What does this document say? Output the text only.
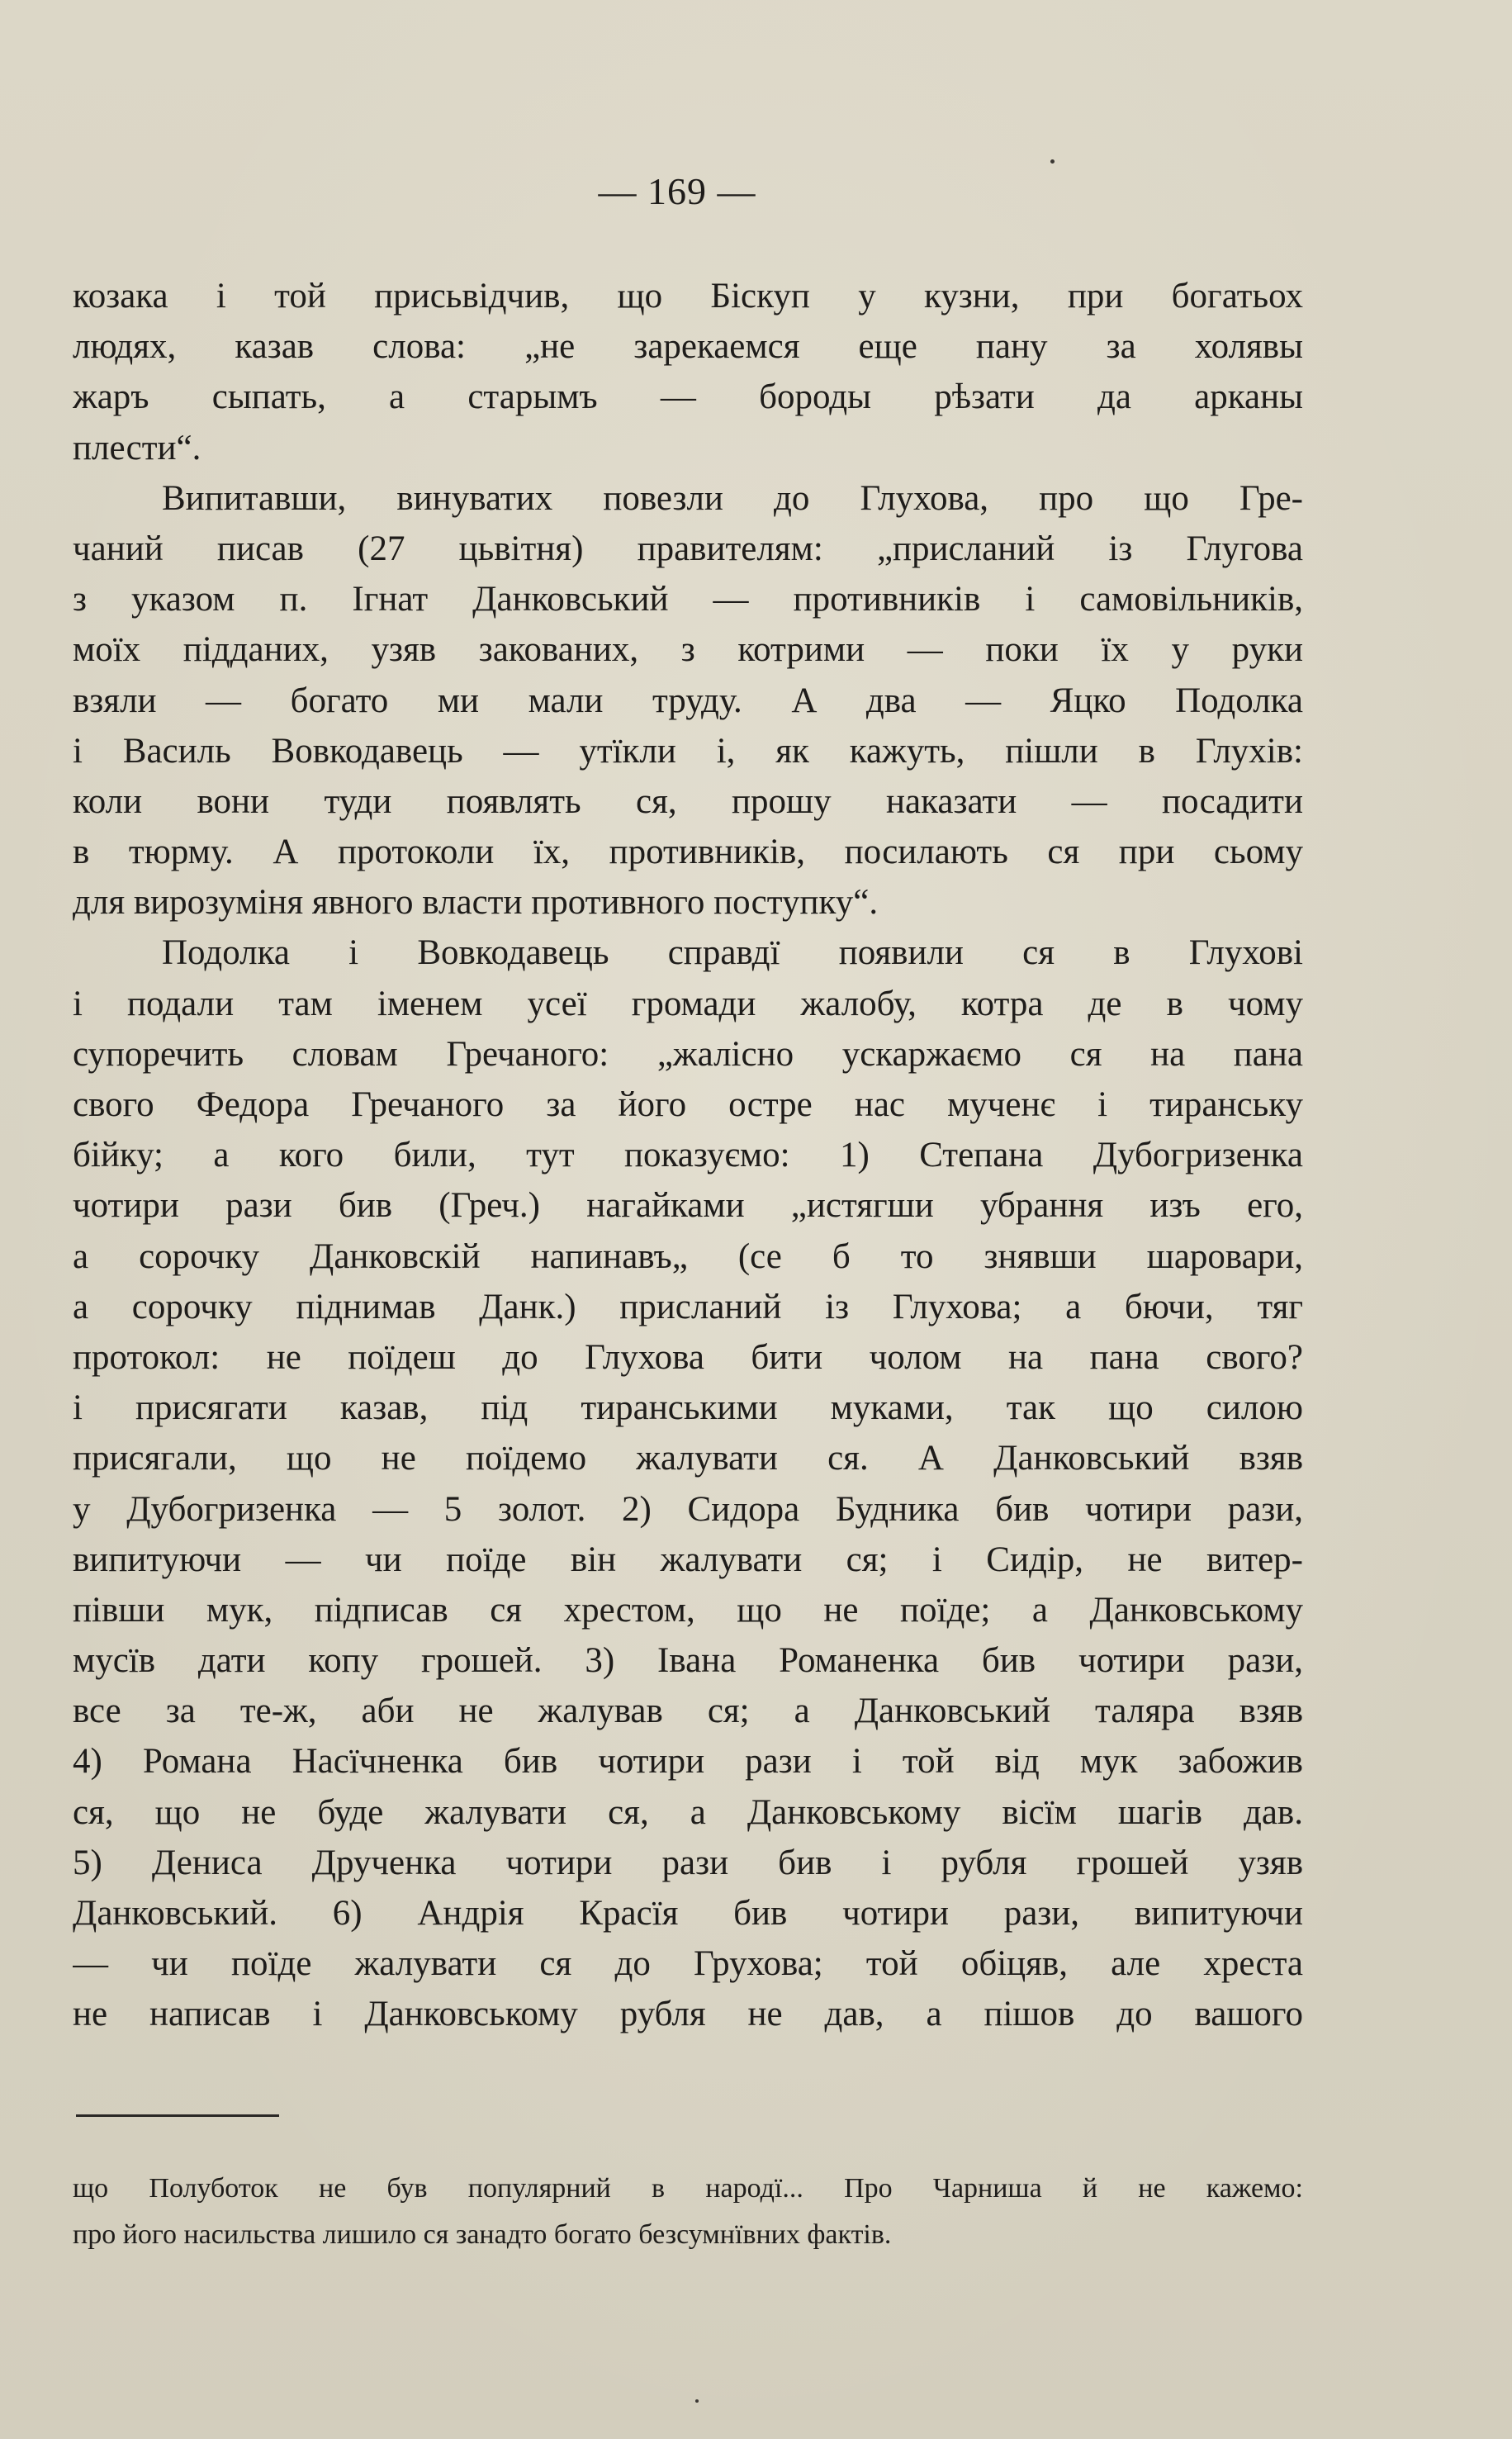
— 169 —
козака і той присьвідчив, що Біскуп у кузни, при богатьох
людях, казав слова: „не зарекаемся еще пану за холявы
жаръ сыпать, а старымъ — бороды рѣзати да арканы
плести“.
Випитавши, винуватих повезли до Глухова, про що Гре-
чаний писав (27 цьвітня) правителям: „присланий із Глугова
з указом п. Ігнат Данковський — противників і самовільників,
моїх підданих, узяв закованих, з котрими — поки їх у руки
взяли — богато ми мали труду. А два — Яцко Подолка
і Василь Вовкодавець — утїкли і, як кажуть, пішли в Глухів:
коли вони туди появлять ся, прошу наказати — посадити
в тюрму. А протоколи їх, противників, посилають ся при сьому
для вирозуміня явного власти противного поступку“.
Подолка і Вовкодавець справдї появили ся в Глухові
і подали там іменем усеї громади жалобу, котра де в чому
супоречить словам Гречаного: „жалісно ускаржаємо ся на пана
свого Федора Гречаного за його остре нас мученє і тиранську
бійку; а кого били, тут показуємо: 1) Степана Дубогризенка
чотири рази бив (Греч.) нагайками „истягши убрання изъ его,
а сорочку Данковскій напинавъ„ (се б то знявши шаровари,
а сорочку піднимав Данк.) присланий із Глухова; а бючи, тяг
протокол: не поїдеш до Глухова бити чолом на пана свого?
і присягати казав, під тиранськими муками, так що силою
присягали, що не поїдемо жалувати ся. А Данковський взяв
у Дубогризенка — 5 золот. 2) Сидора Будника бив чотири рази,
випитуючи — чи поїде він жалувати ся; і Сидір, не витер-
півши мук, підписав ся хрестом, що не поїде; а Данковському
мусїв дати копу грошей. 3) Івана Романенка бив чотири рази,
все за те-ж, аби не жалував ся; а Данковський таляра взяв
4) Романа Насїчненка бив чотири рази і той від мук забожив
ся, що не буде жалувати ся, а Данковському вісїм шагів дав.
5) Дениса Друченка чотири рази бив і рубля грошей узяв
Данковський. 6) Андрія Красїя бив чотири рази, випитуючи
— чи поїде жалувати ся до Грухова; той обіцяв, але хреста
не написав і Данковському рубля не дав, а пішов до вашого
що Полуботок не був популярний в народї... Про Чарниша й не кажемо:
про його насильства лишило ся занадто богато безсумнївних фактів.
